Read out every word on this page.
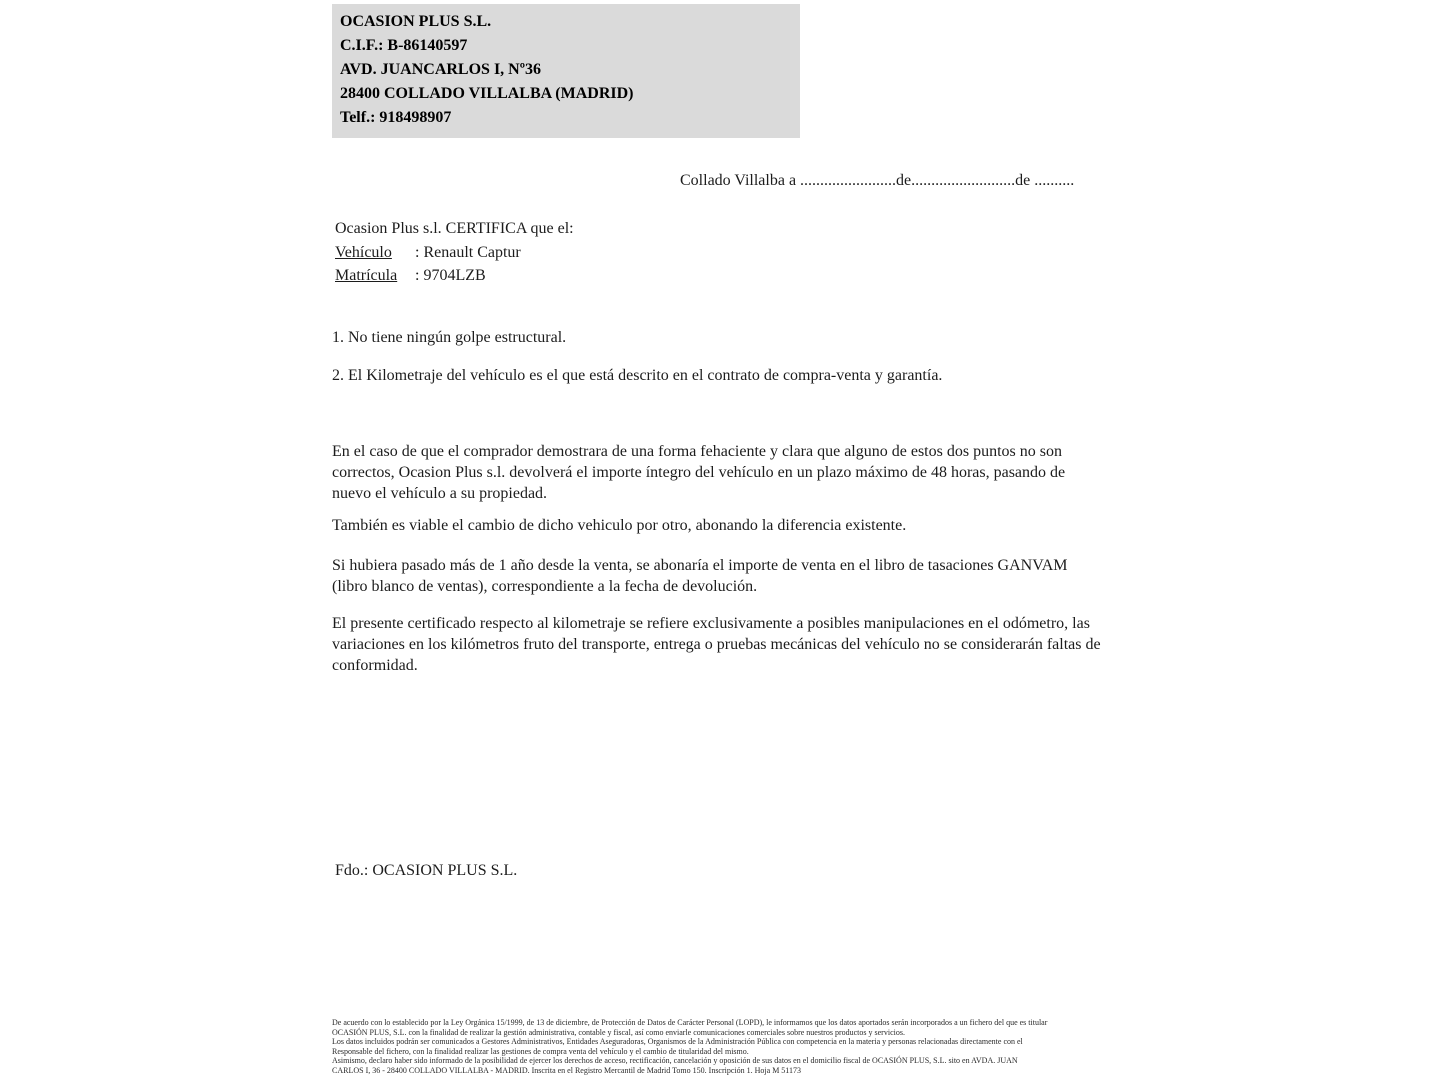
OCASION PLUS S.L.
C.I.F.: B-86140597
AVD. JUANCARLOS I, Nº36
28400 COLLADO VILLALBA (MADRID)
Telf.: 918498907
Collado Villalba a ........................de..........................de ..........
Ocasion Plus s.l. CERTIFICA que el:
Vehículo : Renault Captur
Matrícula : 9704LZB
1. No tiene ningún golpe estructural.
2. El Kilometraje del vehículo es el que está descrito en el contrato de compra-venta y garantía.
En el caso de que el comprador demostrara de una forma fehaciente y clara que alguno de estos dos puntos no son correctos, Ocasion Plus s.l. devolverá el importe íntegro del vehículo en un plazo máximo de 48 horas, pasando de nuevo el vehículo a su propiedad.
También es viable el cambio de dicho vehiculo por otro, abonando la diferencia existente.
Si hubiera pasado más de 1 año desde la venta, se abonaría el importe de venta en el libro de tasaciones GANVAM (libro blanco de ventas), correspondiente a la fecha de devolución.
El presente certificado respecto al kilometraje se refiere exclusivamente a posibles manipulaciones en el odómetro, las variaciones en los kilómetros fruto del transporte, entrega o pruebas mecánicas del vehículo no se considerarán faltas de conformidad.
Fdo.: OCASION PLUS S.L.
De acuerdo con lo establecido por la Ley Orgánica 15/1999, de 13 de diciembre, de Protección de Datos de Carácter Personal (LOPD), le informamos que los datos aportados serán incorporados a un fichero del que es titular
OCASIÓN PLUS, S.L. con la finalidad de realizar la gestión administrativa, contable y fiscal, así como enviarle comunicaciones comerciales sobre nuestros productos y servicios.
Los datos incluidos podrán ser comunicados a Gestores Administrativos, Entidades Aseguradoras, Organismos de la Administración Pública con competencia en la materia y personas relacionadas directamente con el
Responsable del fichero, con la finalidad realizar las gestiones de compra venta del vehículo y el cambio de titularidad del mismo.
Asimismo, declaro haber sido informado de la posibilidad de ejercer los derechos de acceso, rectificación, cancelación y oposición de sus datos en el domicilio fiscal de OCASIÓN PLUS, S.L. sito en AVDA. JUAN
CARLOS I, 36 - 28400 COLLADO VILLALBA - MADRID. Inscrita en el Registro Mercantil de Madrid Tomo 150. Inscripción 1. Hoja M 51173
